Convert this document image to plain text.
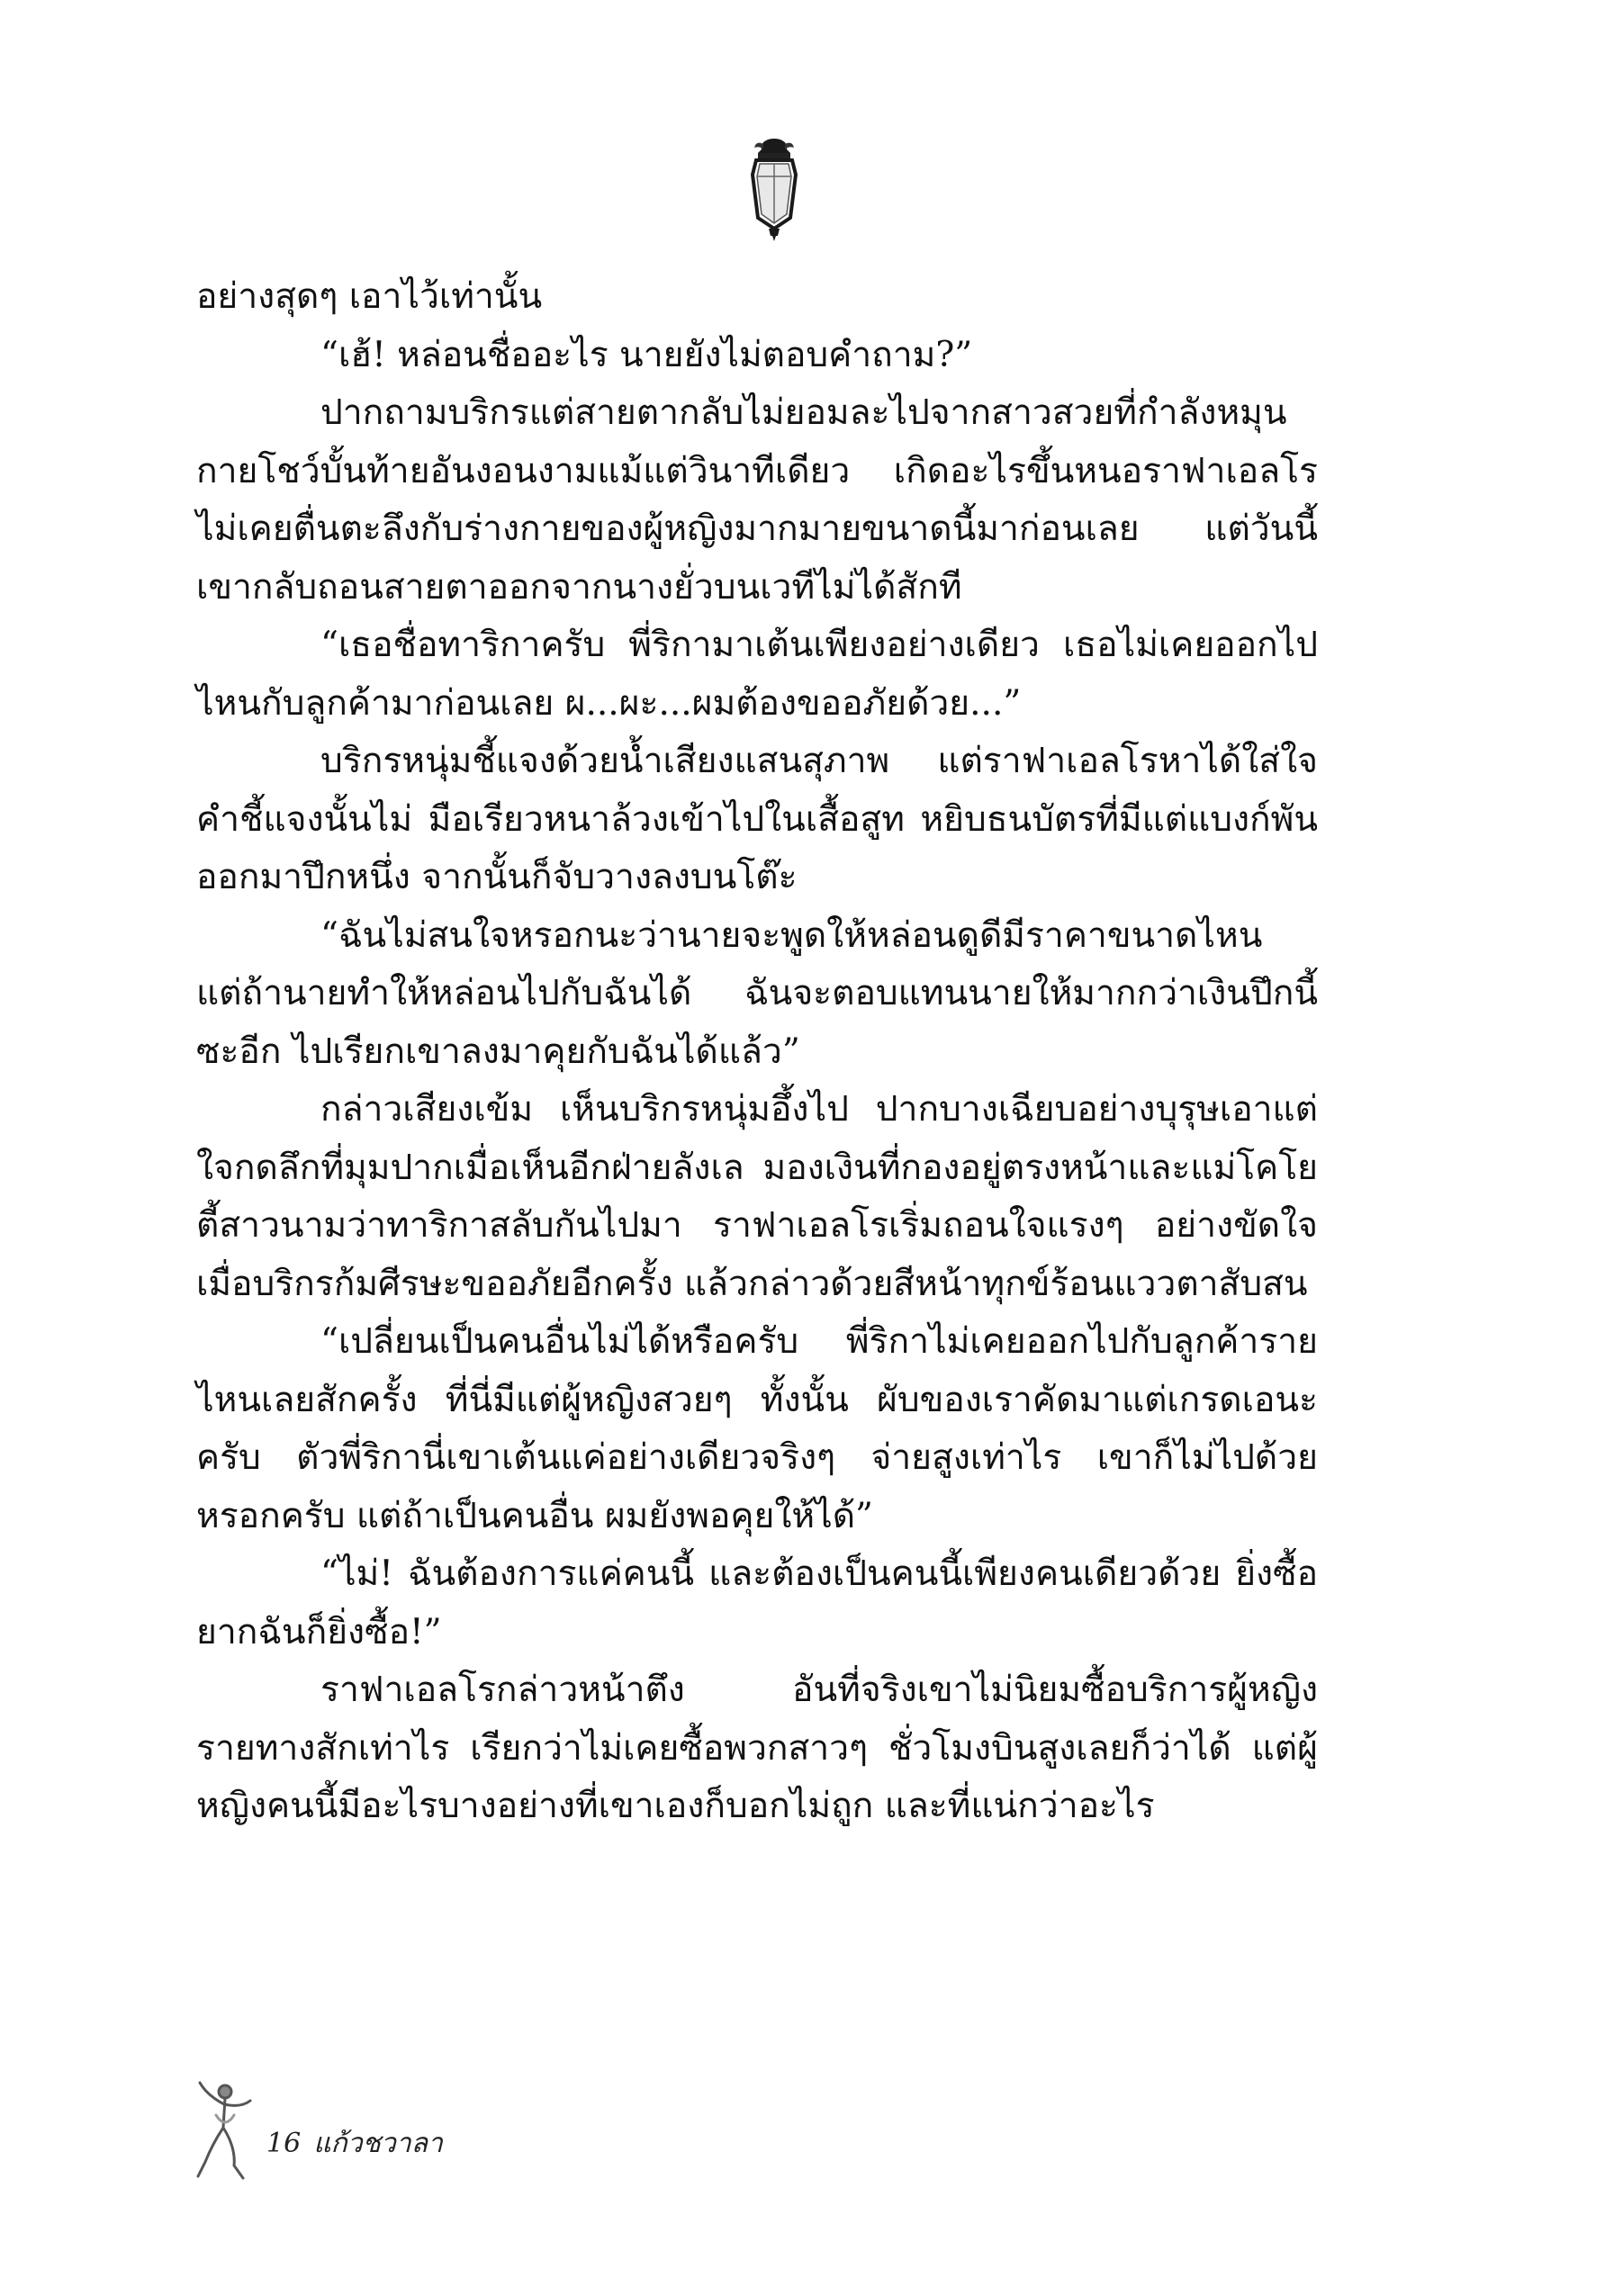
อย่างสุดๆ เอาไว้เท่านั้น

“เฮ้! หล่อนชื่ออะไร นายยังไม่ตอบคำถาม?”

ปากถามบริกรแต่สายตากลับไม่ยอมละไปจากสาวสวยที่กำลังหมุนกายโชว์บั้นท้ายอันงอนงามแม้แต่วินาทีเดียว เกิดอะไรขึ้นหนอราฟาเอลโรไม่เคยตื่นตะลึงกับร่างกายของผู้หญิงมากมายขนาดนี้มาก่อนเลย แต่วันนี้เขากลับถอนสายตาออกจากนางยั่วบนเวทีไม่ได้สักที

“เธอชื่อทาริกาครับ พี่ริกามาเต้นเพียงอย่างเดียว เธอไม่เคยออกไปไหนกับลูกค้ามาก่อนเลย ผ...ผะ...ผมต้องขออภัยด้วย...”

บริกรหนุ่มชี้แจงด้วยน้ำเสียงแสนสุภาพ แต่ราฟาเอลโรหาได้ใส่ใจคำชี้แจงนั้นไม่ มือเรียวหนาล้วงเข้าไปในเสื้อสูท หยิบธนบัตรที่มีแต่แบงก์พันออกมาปึกหนึ่ง จากนั้นก็จับวางลงบนโต๊ะ

“ฉันไม่สนใจหรอกนะว่านายจะพูดให้หล่อนดูดีมีราคาขนาดไหน แต่ถ้านายทำให้หล่อนไปกับฉันได้ ฉันจะตอบแทนนายให้มากกว่าเงินปึกนี้ซะอีก ไปเรียกเขาลงมาคุยกับฉันได้แล้ว”

กล่าวเสียงเข้ม เห็นบริกรหนุ่มอึ้งไป ปากบางเฉียบอย่างบุรุษเอาแต่ใจกดลึกที่มุมปากเมื่อเห็นอีกฝ่ายลังเล มองเงินที่กองอยู่ตรงหน้าและแม่โคโยตี้สาวนามว่าทาริกาสลับกันไปมา ราฟาเอลโรเริ่มถอนใจแรงๆ อย่างขัดใจ เมื่อบริกรก้มศีรษะขออภัยอีกครั้ง แล้วกล่าวด้วยสีหน้าทุกข์ร้อนแววตาสับสน

“เปลี่ยนเป็นคนอื่นไม่ได้หรือครับ พี่ริกาไม่เคยออกไปกับลูกค้ารายไหนเลยสักครั้ง ที่นี่มีแต่ผู้หญิงสวยๆ ทั้งนั้น ผับของเราคัดมาแต่เกรดเอนะครับ ตัวพี่ริกานี่เขาเต้นแค่อย่างเดียวจริงๆ จ่ายสูงเท่าไร เขาก็ไม่ไปด้วยหรอกครับ แต่ถ้าเป็นคนอื่น ผมยังพอคุยให้ได้”

“ไม่! ฉันต้องการแค่คนนี้ และต้องเป็นคนนี้เพียงคนเดียวด้วย ยิ่งซื้อยากฉันก็ยิ่งซื้อ!”

ราฟาเอลโรกล่าวหน้าตึง อันที่จริงเขาไม่นิยมซื้อบริการผู้หญิงรายทางสักเท่าไร เรียกว่าไม่เคยซื้อพวกสาวๆ ชั่วโมงบินสูงเลยก็ว่าได้ แต่ผู้หญิงคนนี้มีอะไรบางอย่างที่เขาเองก็บอกไม่ถูก และที่แน่กว่าอะไร

16 แก้วชวาลา
